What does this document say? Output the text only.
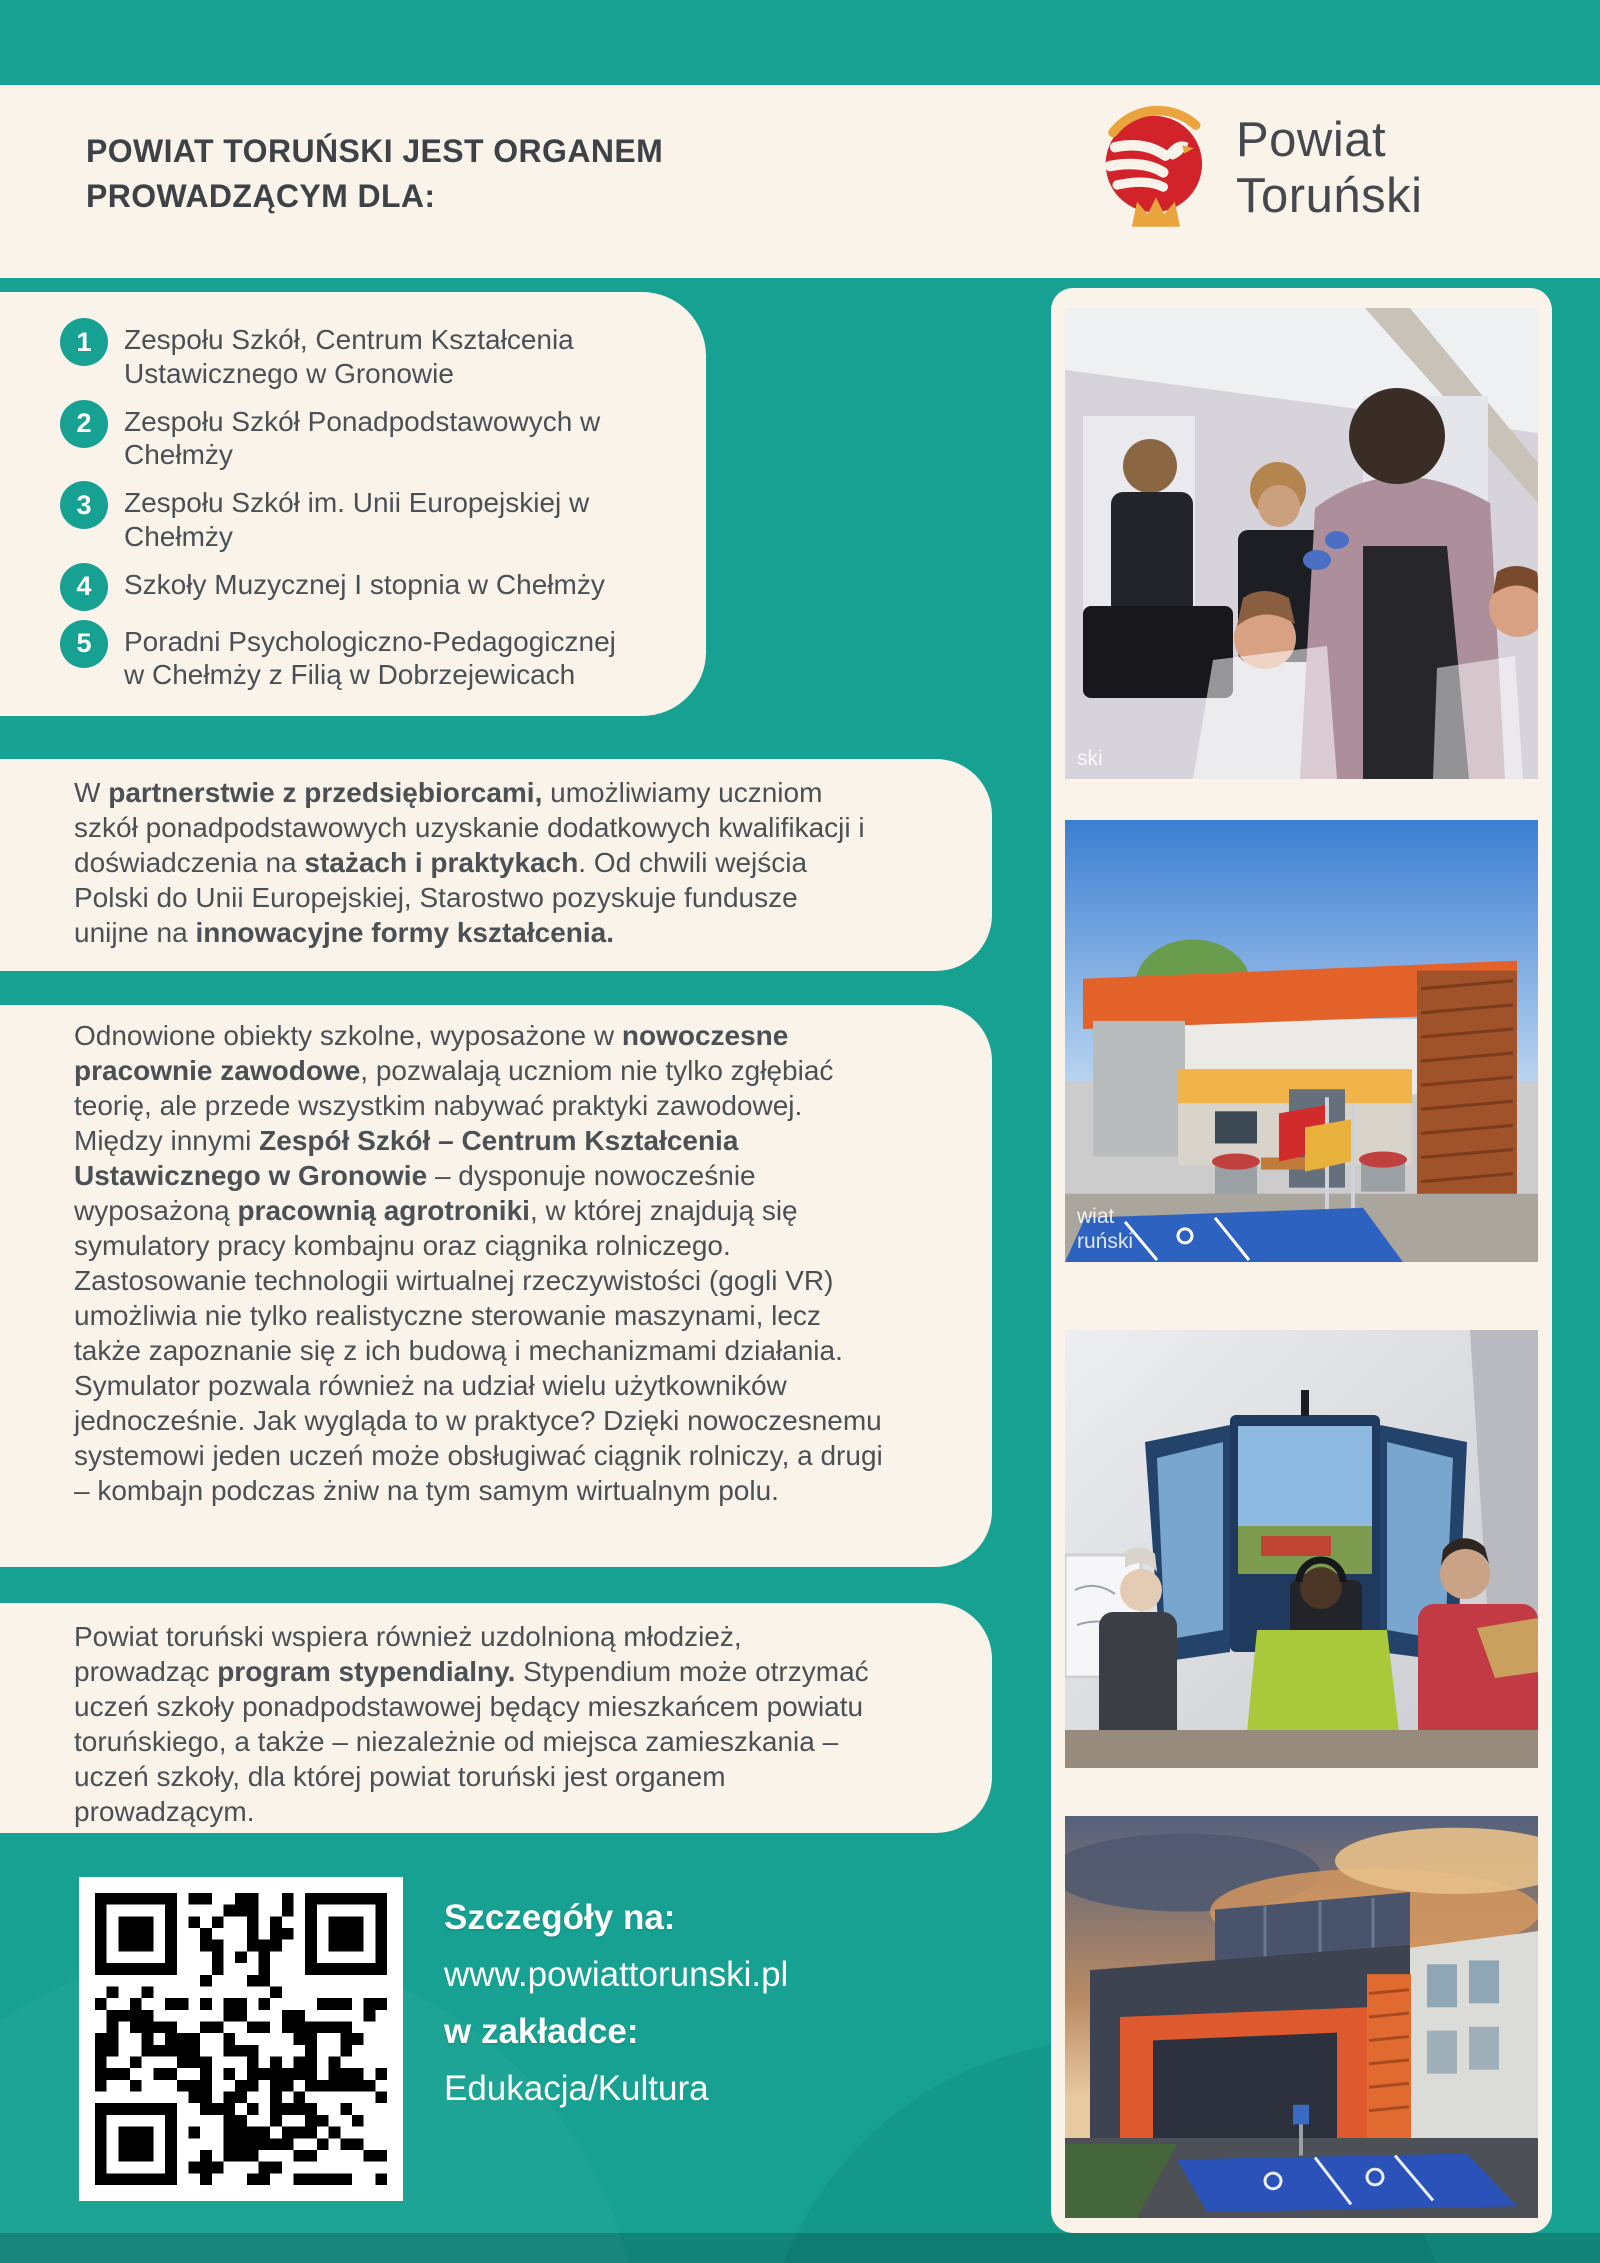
POWIAT TORUŃSKI JEST ORGANEM
PROWADZĄCYM DLA:
Powiat
Toruński
1	Zespołu Szkół, Centrum Kształcenia Ustawicznego w Gronowie
2	Zespołu Szkół Ponadpodstawowych w Chełmży
3	Zespołu Szkół im. Unii Europejskiej w Chełmży
4	Szkoły Muzycznej I stopnia w Chełmży
5	Poradni Psychologiczno-Pedagogicznej w Chełmży z Filią w Dobrzejewicach

W partnerstwie z przedsiębiorcami, umożliwiamy uczniom szkół ponadpodstawowych uzyskanie dodatkowych kwalifikacji i doświadczenia na stażach i praktykach. Od chwili wejścia Polski do Unii Europejskiej, Starostwo pozyskuje fundusze unijne na innowacyjne formy kształcenia.

Odnowione obiekty szkolne, wyposażone w nowoczesne pracownie zawodowe, pozwalają uczniom nie tylko zgłębiać teorię, ale przede wszystkim nabywać praktyki zawodowej.

Między innymi Zespół Szkół – Centrum Kształcenia Ustawicznego w Gronowie – dysponuje nowocześnie wyposażoną pracownią agrotroniki, w której znajdują się symulatory pracy kombajnu oraz ciągnika rolniczego. Zastosowanie technologii wirtualnej rzeczywistości (gogli VR) umożliwia nie tylko realistyczne sterowanie maszynami, lecz także zapoznanie się z ich budową i mechanizmami działania. Symulator pozwala również na udział wielu użytkowników jednocześnie. Jak wygląda to w praktyce? Dzięki nowoczesnemu systemowi jeden uczeń może obsługiwać ciągnik rolniczy, a drugi – kombajn podczas żniw na tym samym wirtualnym polu.

Powiat toruński wspiera również uzdolnioną młodzież, prowadząc program stypendialny. Stypendium może otrzymać uczeń szkoły ponadpodstawowej będący mieszkańcem powiatu toruńskiego, a także – niezależnie od miejsca zamieszkania – uczeń szkoły, dla której powiat toruński jest organem prowadzącym.

Szczegóły na:
www.powiattorunski.pl
w zakładce:
Edukacja/Kultura
ski
wiat
ruński
